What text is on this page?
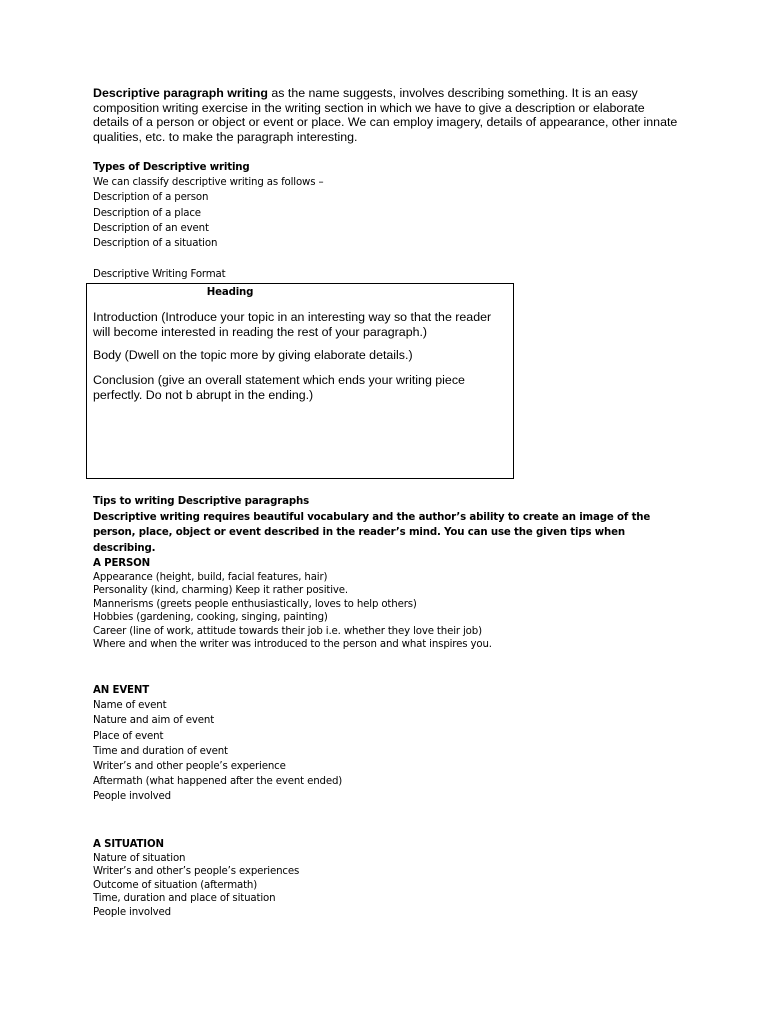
Descriptive paragraph writing as the name suggests, involves describing something. It is an easy composition writing exercise in the writing section in which we have to give a description or elaborate details of a person or object or event or place. We can employ imagery, details of appearance, other innate qualities, etc. to make the paragraph interesting.

Types of Descriptive writing

We can classify descriptive writing as follows –

Description of a person

Description of a place

Description of an event

Description of a situation

Descriptive Writing Format
Heading
Introduction (Introduce your topic in an interesting way so that the reader will become interested in reading the rest of your paragraph.)
Body (Dwell on the topic more by giving elaborate details.)
Conclusion (give an overall statement which ends your writing piece perfectly. Do not b abrupt in the ending.)
Tips to writing Descriptive paragraphs
Descriptive writing requires beautiful vocabulary and the author’s ability to create an image of the person, place, object or event described in the reader’s mind. You can use the given tips when describing.

A PERSON

Appearance (height, build, facial features, hair)

Personality (kind, charming) Keep it rather positive.

Mannerisms (greets people enthusiastically, loves to help others)

Hobbies (gardening, cooking, singing, painting)

Career (line of work, attitude towards their job i.e. whether they love their job)

Where and when the writer was introduced to the person and what inspires you.

AN EVENT

Name of event

Nature and aim of event

Place of event

Time and duration of event

Writer’s and other people’s experience

Aftermath (what happened after the event ended)

People involved

A SITUATION

Nature of situation

Writer’s and other’s people’s experiences

Outcome of situation (aftermath)

Time, duration and place of situation

People involved
